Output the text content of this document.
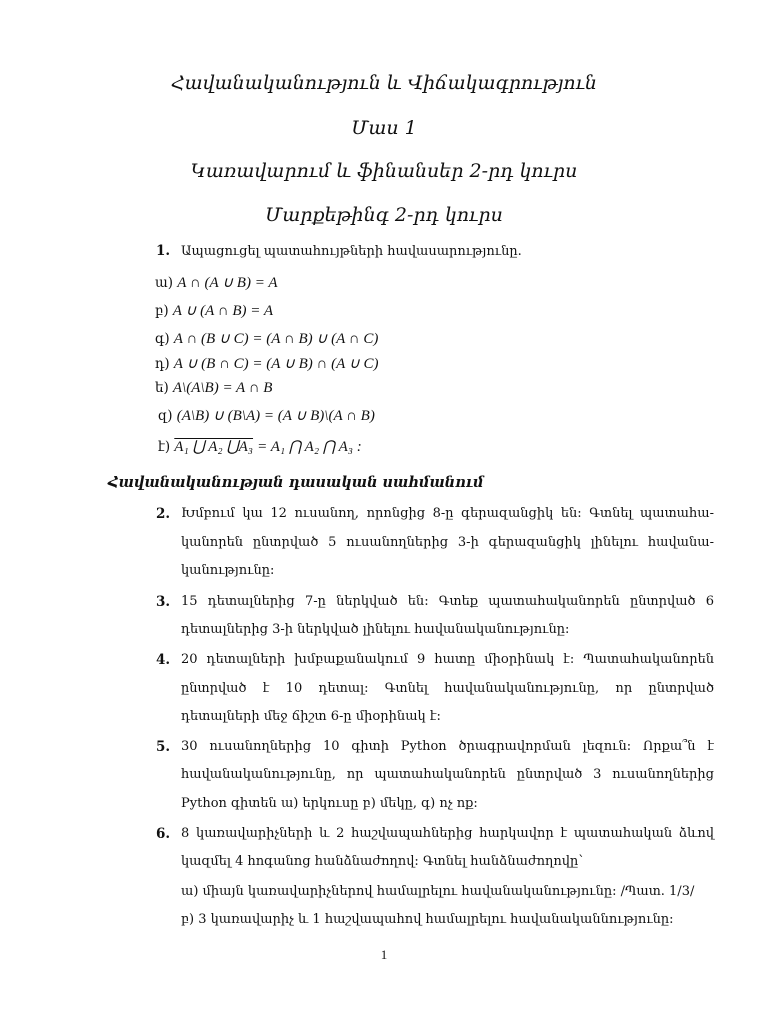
Հավանականություն և Վիճակագրություն
Մաս 1
Կառավարում և ֆինանսեր 2-րդ կուրս
Մարքեթինգ 2-րդ կուրս
1. Ապացուցել պատահույթների հավասարությունը.
ա) A ∩ (A ∪ B) = A
բ) A ∪ (A ∩ B) = A
գ) A ∩ (B ∪ C) = (A ∩ B) ∪ (A ∩ C)
դ) A ∪ (B ∩ C) = (A ∪ B) ∩ (A ∪ C)
ե) A\(A\B) = A ∩ B
զ) (A\B) ∪ (B\A) = (A ∪ B)\(A ∩ B)
է) A₁ ⋃ A₂ ⋃A₃ = A₁ ⋂ A₂ ⋂ A₃ :
Հավանականության դասական սահմանում
2. Խմբում կա 12 ուսանող, որոնցից 8-ը գերազանցիկ են: Գտնել պատահա-
կանորեն ընտրված 5 ուսանողներից 3-ի գերազանցիկ լինելու հավանա-
կանությունը:
3. 15 դետալներից 7-ը ներկված են: Գտեք պատահականորեն ընտրված 6
դետալներից 3-ի ներկված լինելու հավանականությունը:
4. 20 դետալների խմբաքանակում 9 հատը միօրինակ է: Պատահականորեն
ընտրված է 10 դետալ: Գտնել հավանականությունը, որ ընտրված
դետալների մեջ ճիշտ 6-ը միօրինակ է:
5. 30 ուսանողներից 10 գիտի Python ծրագրավորման լեզուն: Որքա՞ն է
հավանականությունը, որ պատահականորեն ընտրված 3 ուսանողներից
Python գիտեն ա) երկուսը բ) մեկը, գ) ոչ ոք:
6. 8 կառավարիչների և 2 հաշվապահներից հարկավոր է պատահական ձևով
կազմել 4 հոգանոց հանձնաժողով: Գտնել հանձնաժողովը՝
ա) միայն կառավարիչներով համալրելու հավանականությունը: /Պատ. 1/3/
բ) 3 կառավարիչ և 1 հաշվապահով համալրելու հավանականնությունը:
1
